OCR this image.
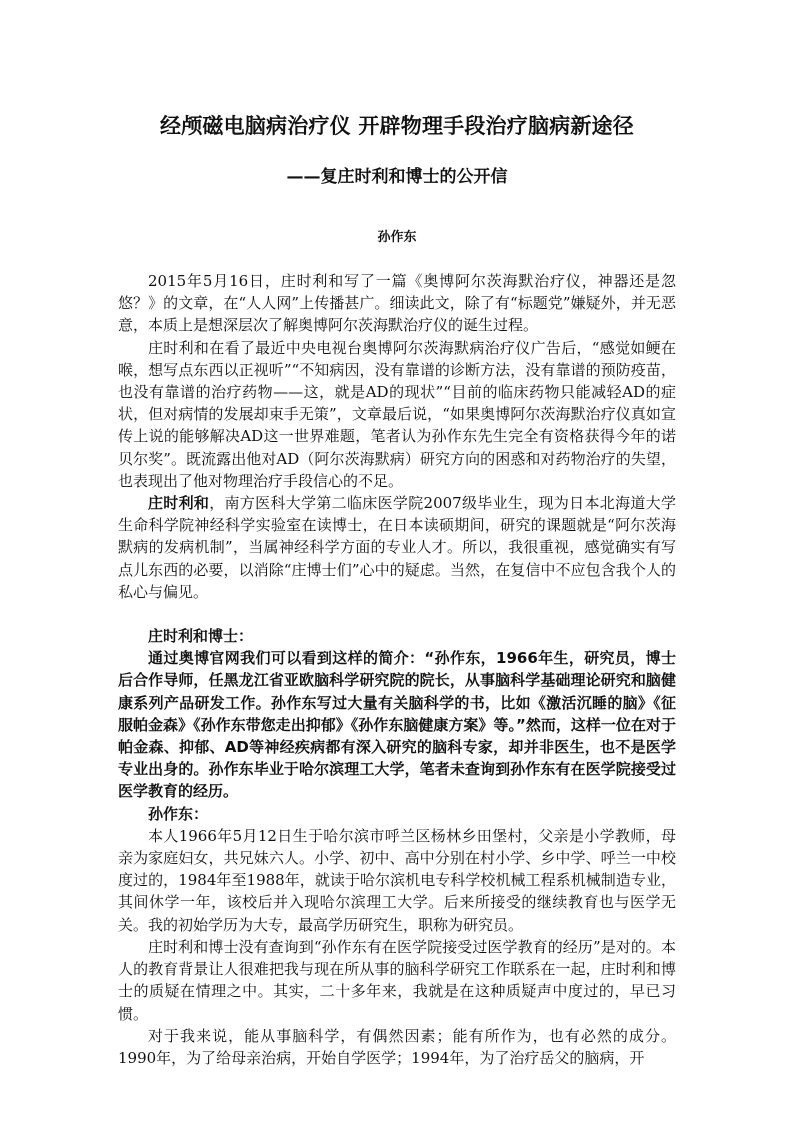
经颅磁电脑病治疗仪 开辟物理手段治疗脑病新途径
——复庄时利和博士的公开信
孙作东

2015年5月16日，庄时利和写了一篇《奥博阿尔茨海默治疗仪，神器还是忽悠？》的文章，在“人人网”上传播甚广。细读此文，除了有“标题党”嫌疑外，并无恶意，本质上是想深层次了解奥博阿尔茨海默治疗仪的诞生过程。

庄时利和在看了最近中央电视台奥博阿尔茨海默病治疗仪广告后，“感觉如鲠在喉，想写点东西以正视听”“不知病因，没有靠谱的诊断方法，没有靠谱的预防疫苗，也没有靠谱的治疗药物——这，就是AD的现状”“目前的临床药物只能减轻AD的症状，但对病情的发展却束手无策”，文章最后说，“如果奥博阿尔茨海默治疗仪真如宣传上说的能够解决AD这一世界难题，笔者认为孙作东先生完全有资格获得今年的诺贝尔奖”。既流露出他对AD（阿尔茨海默病）研究方向的困惑和对药物治疗的失望，也表现出了他对物理治疗手段信心的不足。

庄时利和，南方医科大学第二临床医学院2007级毕业生，现为日本北海道大学生命科学院神经科学实验室在读博士，在日本读硕期间，研究的课题就是“阿尔茨海默病的发病机制”，当属神经科学方面的专业人才。所以，我很重视，感觉确实有写点儿东西的必要，以消除“庄博士们”心中的疑虑。当然，在复信中不应包含我个人的私心与偏见。

庄时利和博士：

通过奥博官网我们可以看到这样的简介：“孙作东，1966年生，研究员，博士后合作导师，任黑龙江省亚欧脑科学研究院的院长，从事脑科学基础理论研究和脑健康系列产品研发工作。孙作东写过大量有关脑科学的书，比如《激活沉睡的脑》《征服帕金森》《孙作东带您走出抑郁》《孙作东脑健康方案》等。”然而，这样一位在对于帕金森、抑郁、AD等神经疾病都有深入研究的脑科专家，却并非医生，也不是医学专业出身的。孙作东毕业于哈尔滨理工大学，笔者未查询到孙作东有在医学院接受过医学教育的经历。

孙作东：

本人1966年5月12日生于哈尔滨市呼兰区杨林乡田堡村，父亲是小学教师，母亲为家庭妇女，共兄妹六人。小学、初中、高中分别在村小学、乡中学、呼兰一中校度过的，1984年至1988年，就读于哈尔滨机电专科学校机械工程系机械制造专业，其间休学一年，该校后并入现哈尔滨理工大学。后来所接受的继续教育也与医学无关。我的初始学历为大专，最高学历研究生，职称为研究员。

庄时利和博士没有查询到“孙作东有在医学院接受过医学教育的经历”是对的。本人的教育背景让人很难把我与现在所从事的脑科学研究工作联系在一起，庄时利和博士的质疑在情理之中。其实，二十多年来，我就是在这种质疑声中度过的，早已习惯。

对于我来说，能从事脑科学，有偶然因素；能有所作为，也有必然的成分。1990年，为了给母亲治病，开始自学医学；1994年，为了治疗岳父的脑病，开
